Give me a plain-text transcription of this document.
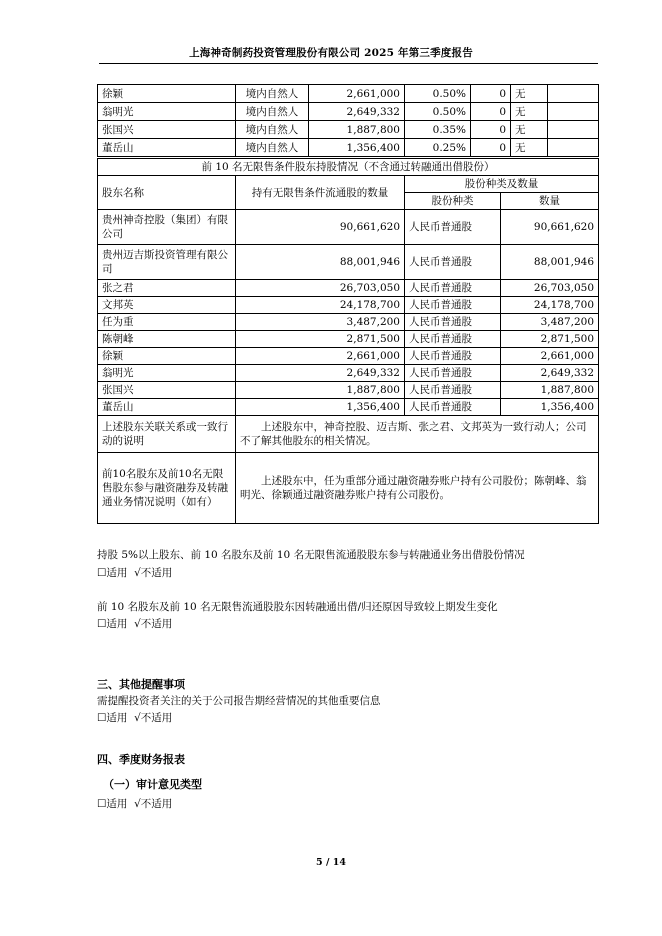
上海神奇制药投资管理股份有限公司 2025 年第三季度报告
徐颖	境内自然人	2,661,000	0.50%	0	无	
翁明光	境内自然人	2,649,332	0.50%	0	无	
张国兴	境内自然人	1,887,800	0.35%	0	无	
董岳山	境内自然人	1,356,400	0.25%	0	无	
前 10 名无限售条件股东持股情况（不含通过转融通出借股份）			
股东名称	持有无限售条件流通股的数量	股份种类及数量	
		股份种类	数量
贵州神奇控股（集团）有限公司	90,661,620	人民币普通股	90,661,620
贵州迈吉斯投资管理有限公司	88,001,946	人民币普通股	88,001,946
张之君	26,703,050	人民币普通股	26,703,050
文邦英	24,178,700	人民币普通股	24,178,700
任为重	3,487,200	人民币普通股	3,487,200
陈朝峰	2,871,500	人民币普通股	2,871,500
徐颖	2,661,000	人民币普通股	2,661,000
翁明光	2,649,332	人民币普通股	2,649,332
张国兴	1,887,800	人民币普通股	1,887,800
董岳山	1,356,400	人民币普通股	1,356,400
上述股东关联关系或一致行动的说明	上述股东中，神奇控股、迈吉斯、张之君、文邦英为一致行动人；公司不了解其他股东的相关情况。		
前10名股东及前10名无限售股东参与融资融券及转融通业务情况说明（如有）	上述股东中，任为重部分通过融资融券账户持有公司股份；陈朝峰、翁明光、徐颖通过融资融券账户持有公司股份。		
持股 5%以上股东、前 10 名股东及前 10 名无限售流通股股东参与转融通业务出借股份情况
☐适用 √不适用
前 10 名股东及前 10 名无限售流通股股东因转融通出借/归还原因导致较上期发生变化
☐适用 √不适用
三、其他提醒事项
需提醒投资者关注的关于公司报告期经营情况的其他重要信息
☐适用 √不适用
四、季度财务报表
（一）审计意见类型
☐适用 √不适用
5 / 14
